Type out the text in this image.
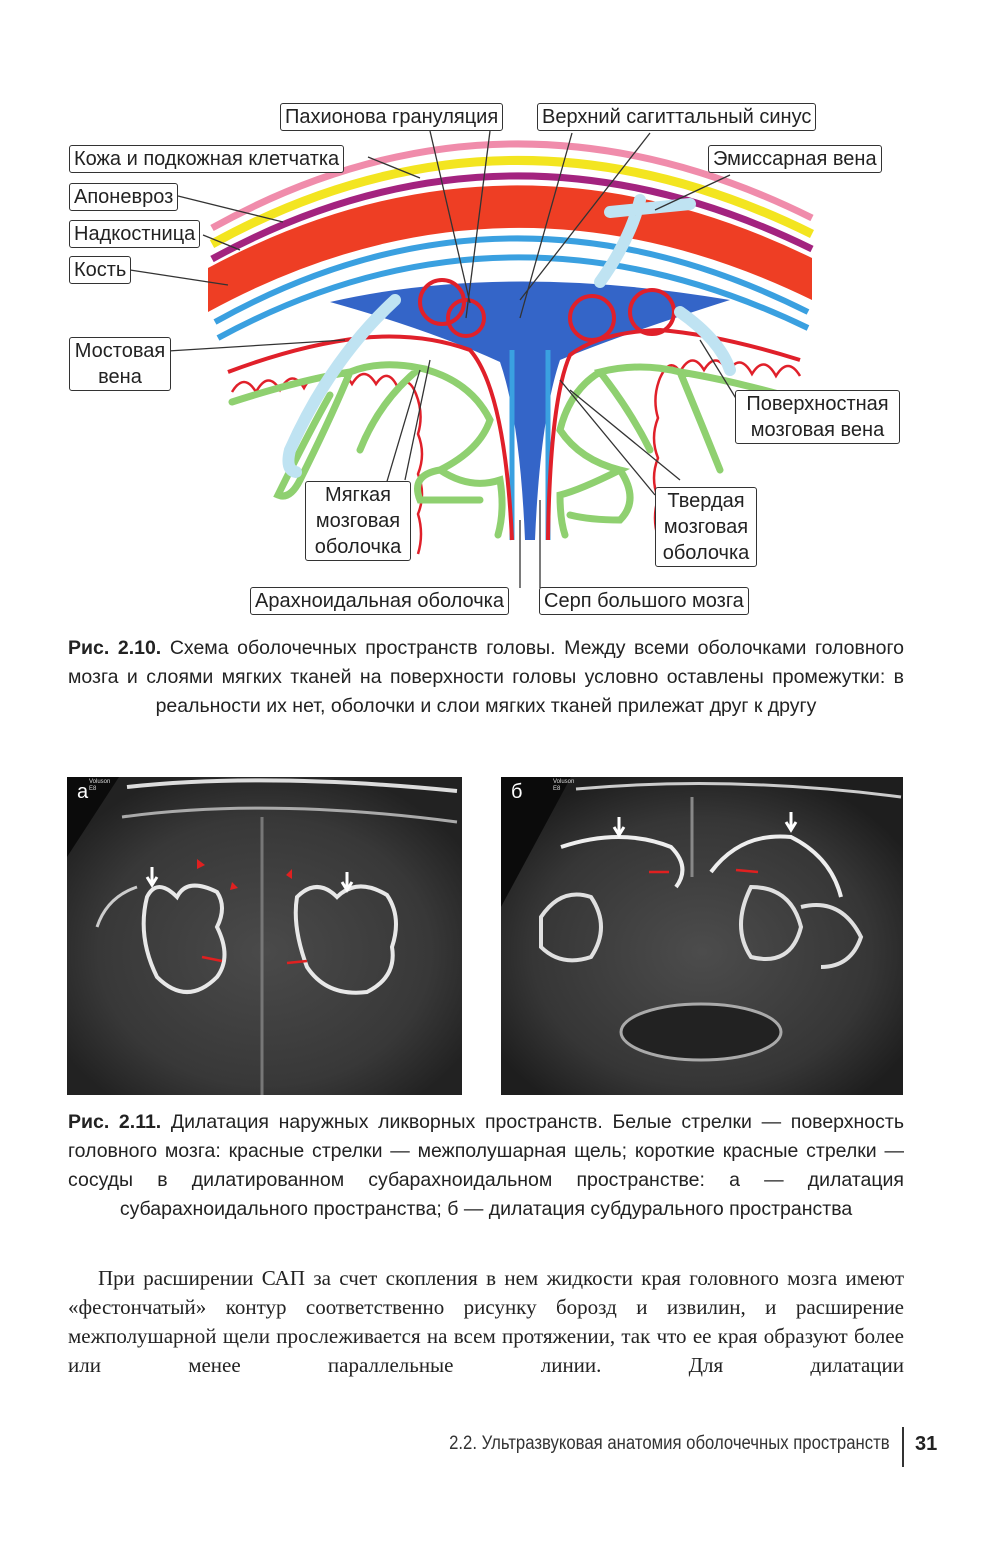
Пахионова грануляция Верхний сагиттальный синус
Кожа и подкожная клетчатка	Эмиссарная вена
Апоневроз
Надкостница
Кость
Мостовая вена
Поверхностная мозговая вена
Мягкая мозговая оболочка
Твердая мозговая оболочка
Арахноидальная оболочка Серп большого мозга
Рис. 2.10. Схема оболочечных пространств головы. Между всеми оболочками головного мозга и слоями мягких тканей на поверхности головы условно оставлены промежутки: в реальности их нет, оболочки и слои мягких тканей прилежат друг к другу
а Voluson E8	б	Voluson E8
Рис. 2.11. Дилатация наружных ликворных пространств. Белые стрелки — поверхность головного мозга: красные стрелки — межполушарная щель; короткие красные стрелки — сосуды в дилатированном субарахноидальном пространстве: а — дилатация субарахноидального пространства; б — дилатация субдурального пространства
При расширении САП за счет скопления в нем жидкости края головного мозга имеют «фестончатый» контур соответственно рисунку борозд и извилин, и расширение межполушарной щели прослеживается на всем протяжении, так что ее края образуют более или менее параллельные линии. Для дилатации
2.2. Ультразвуковая анатомия оболочечных пространств 31
